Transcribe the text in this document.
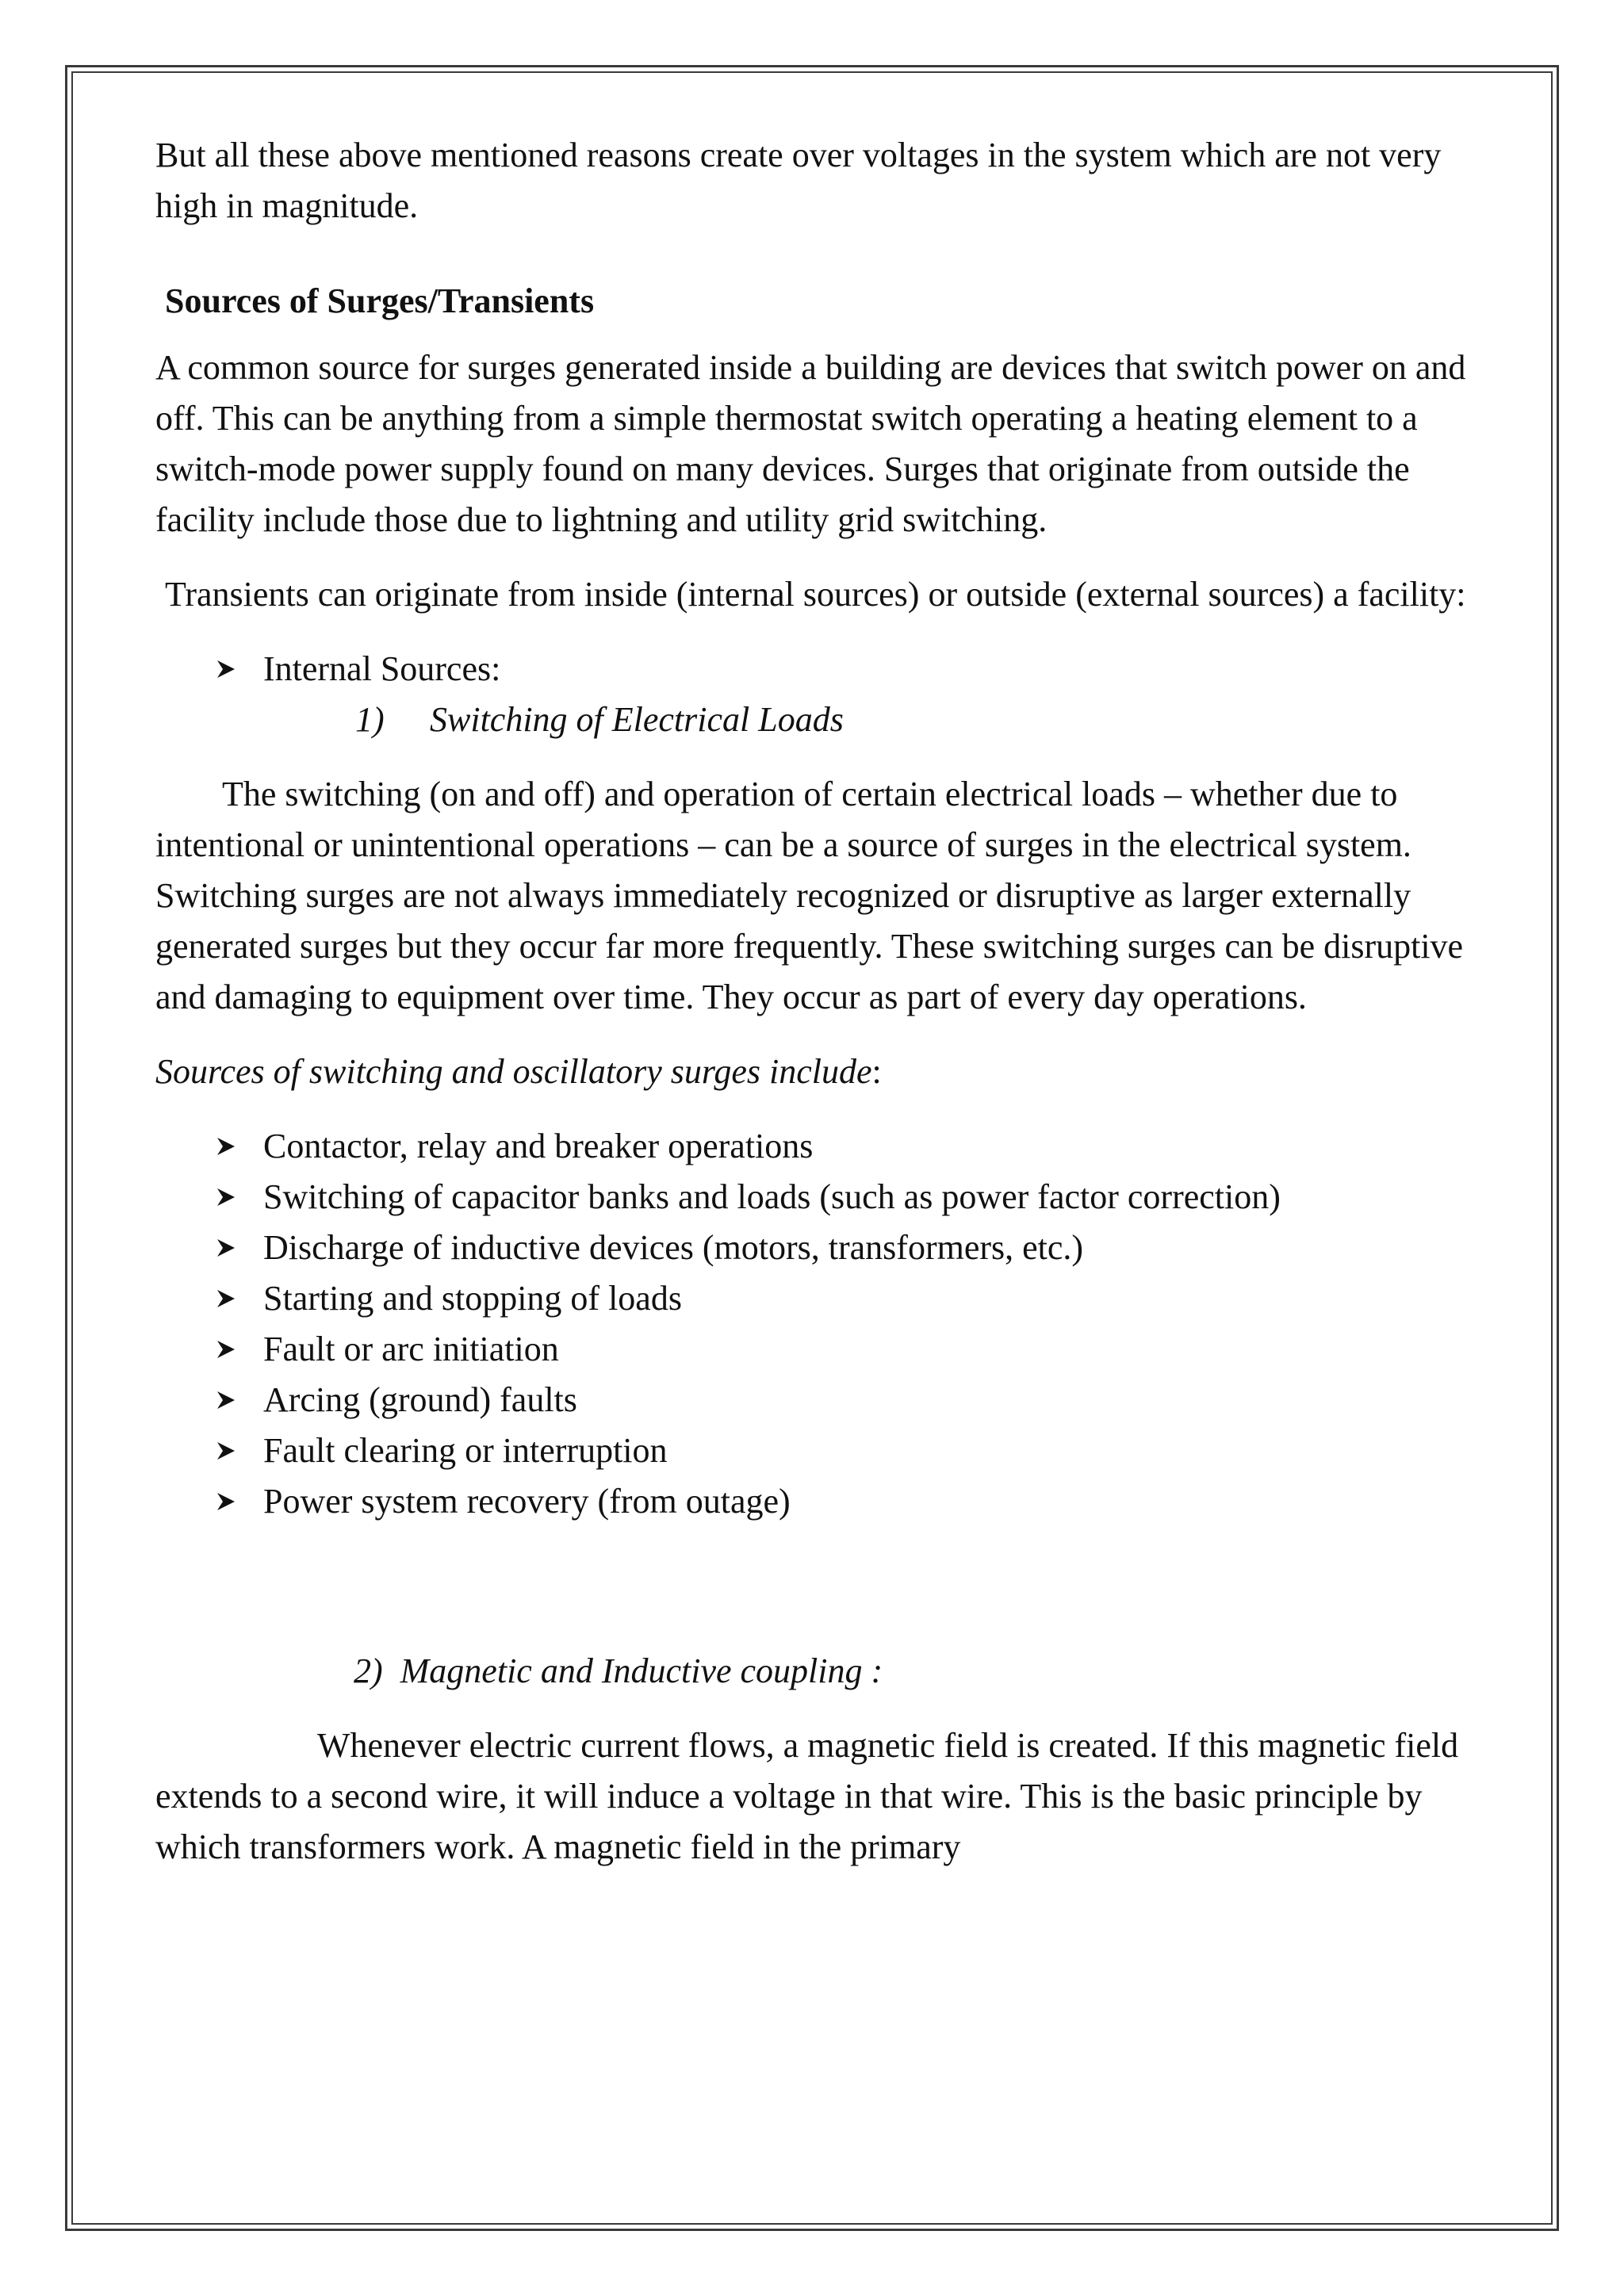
But all these above mentioned reasons create over voltages in the system which are not very high in magnitude.

Sources of Surges/Transients

A common source for surges generated inside a building are devices that switch power on and off. This can be anything from a simple thermostat switch operating a heating element to a switch-mode power supply found on many devices. Surges that originate from outside the facility include those due to lightning and utility grid switching.

Transients can originate from inside (internal sources) or outside (external sources) a facility:

Internal Sources:
1) Switching of Electrical Loads

The switching (on and off) and operation of certain electrical loads – whether due to intentional or unintentional operations – can be a source of surges in the electrical system. Switching surges are not always immediately recognized or disruptive as larger externally generated surges but they occur far more frequently. These switching surges can be disruptive and damaging to equipment over time. They occur as part of every day operations.

Sources of switching and oscillatory surges include:

Contactor, relay and breaker operations
Switching of capacitor banks and loads (such as power factor correction)
Discharge of inductive devices (motors, transformers, etc.)
Starting and stopping of loads
Fault or arc initiation
Arcing (ground) faults
Fault clearing or interruption
Power system recovery (from outage)
2) Magnetic and Inductive coupling :

Whenever electric current flows, a magnetic field is created. If this magnetic field extends to a second wire, it will induce a voltage in that wire. This is the basic principle by which transformers work. A magnetic field in the primary
